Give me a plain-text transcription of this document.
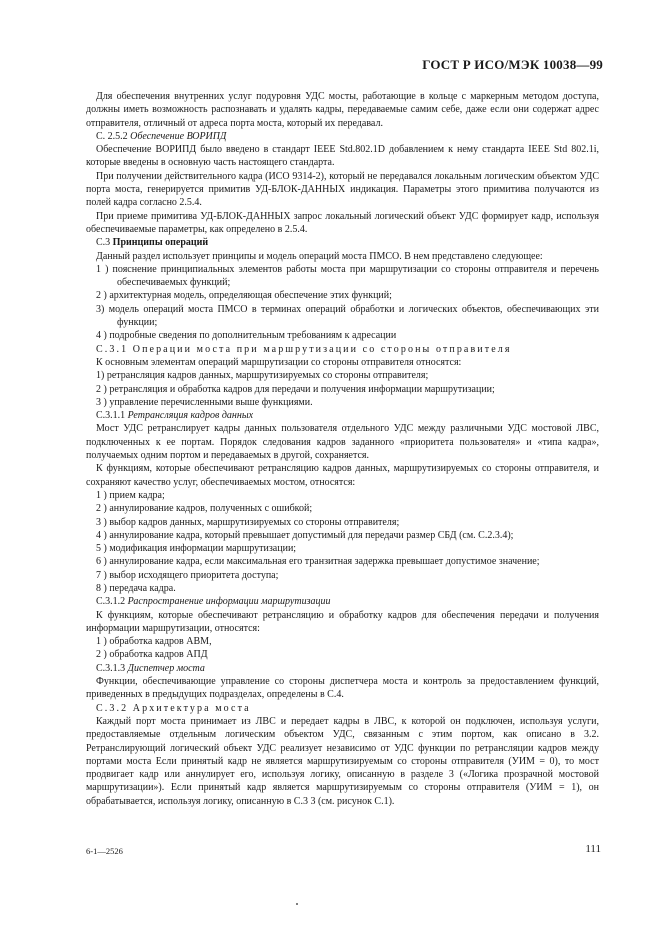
ГОСТ Р ИСО/МЭК 10038—99

Для обеспечения внутренних услуг подуровня УДС мосты, работающие в кольце с маркерным методом доступа, должны иметь возможность распознавать и удалять кадры, передаваемые самим себе, даже если они содержат адрес отправителя, отличный от адреса порта моста, который их передавал.

С. 2.5.2 Обеспечение ВОРИПД

Обеспечение ВОРИПД было введено в стандарт IEEE Std.802.1D добавлением к нему стандарта IEEE Std 802.1i, которые введены в основную часть настоящего стандарта.

При получении действительного кадра (ИСО 9314-2), который не передавался локальным логическим объектом УДС порта моста, генерируется примитив УД-БЛОК-ДАННЫХ индикация. Параметры этого примитива получаются из полей кадра согласно 2.5.4.

При приеме примитива УД-БЛОК-ДАННЫХ запрос локальный логический объект УДС формирует кадр, используя обеспечиваемые параметры, как определено в 2.5.4.

С.3 Принципы операций

Данный раздел использует принципы и модель операций моста ПМСО. В нем представлено следующее:

1 ) пояснение принципиальных элементов работы моста при маршрутизации со стороны отправителя и перечень обеспечиваемых функций;

2 ) архитектурная модель, определяющая обеспечение этих функций;

3) модель операций моста ПМСО в терминах операций обработки и логических объектов, обеспечивающих эти функции;

4 ) подробные сведения по дополнительным требованиям к адресации

С.3.1 Операции моста при маршрутизации со стороны отправителя

К основным элементам операций маршрутизации со стороны отправителя относятся:

1) ретрансляция кадров данных, маршрутизируемых со стороны отправителя;

2 ) ретрансляция и обработка кадров для передачи и получения информации маршрутизации;

3 ) управление перечисленными выше функциями.

С.3.1.1 Ретрансляция кадров данных

Мост УДС ретранслирует кадры данных пользователя отдельного УДС между различными УДС мостовой ЛВС, подключенных к ее портам. Порядок следования кадров заданного «приоритета пользователя» и «типа кадра», получаемых одним портом и передаваемых в другой, сохраняется.

К функциям, которые обеспечивают ретрансляцию кадров данных, маршрутизируемых со стороны отправителя, и сохраняют качество услуг, обеспечиваемых мостом, относятся:

1 ) прием кадра;

2 ) аннулирование кадров, полученных с ошибкой;

3 ) выбор кадров данных, маршрутизируемых со стороны отправителя;

4 ) аннулирование кадра, который превышает допустимый для передачи размер СБД (см. С.2.3.4);

5 ) модификация информации маршрутизации;

6 ) аннулирование кадра, если максимальная его транзитная задержка превышает допустимое значение;

7 ) выбор исходящего приоритета доступа;

8 ) передача кадра.

С.3.1.2 Распространение информации маршрутизации

К функциям, которые обеспечивают ретрансляцию и обработку кадров для обеспечения передачи и получения информации маршрутизации, относятся:

1 ) обработка кадров АВМ,

2 ) обработка кадров АПД

С.3.1.3 Диспетчер моста

Функции, обеспечивающие управление со стороны диспетчера моста и контроль за предоставлением функций, приведенных в предыдущих подразделах, определены в С.4.

С.3.2 Архитектура моста

Каждый порт моста принимает из ЛВС и передает кадры в ЛВС, к которой он подключен, используя услуги, предоставляемые отдельным логическим объектом УДС, связанным с этим портом, как описано в 3.2. Ретранслирующий логический объект УДС реализует независимо от УДС функции по ретрансляции кадров между портами моста Если принятый кадр не является маршрутизируемым со стороны отправителя (УИМ = 0), то мост продвигает кадр или аннулирует его, используя логику, описанную в разделе 3 («Логика прозрачной мостовой маршрутизации»). Если принятый кадр является маршрутизируемым со стороны отправителя (УИМ = 1), он обрабатывается, используя логику, описанную в С.3 3 (см. рисунок С.1).

6-1—2526	111
